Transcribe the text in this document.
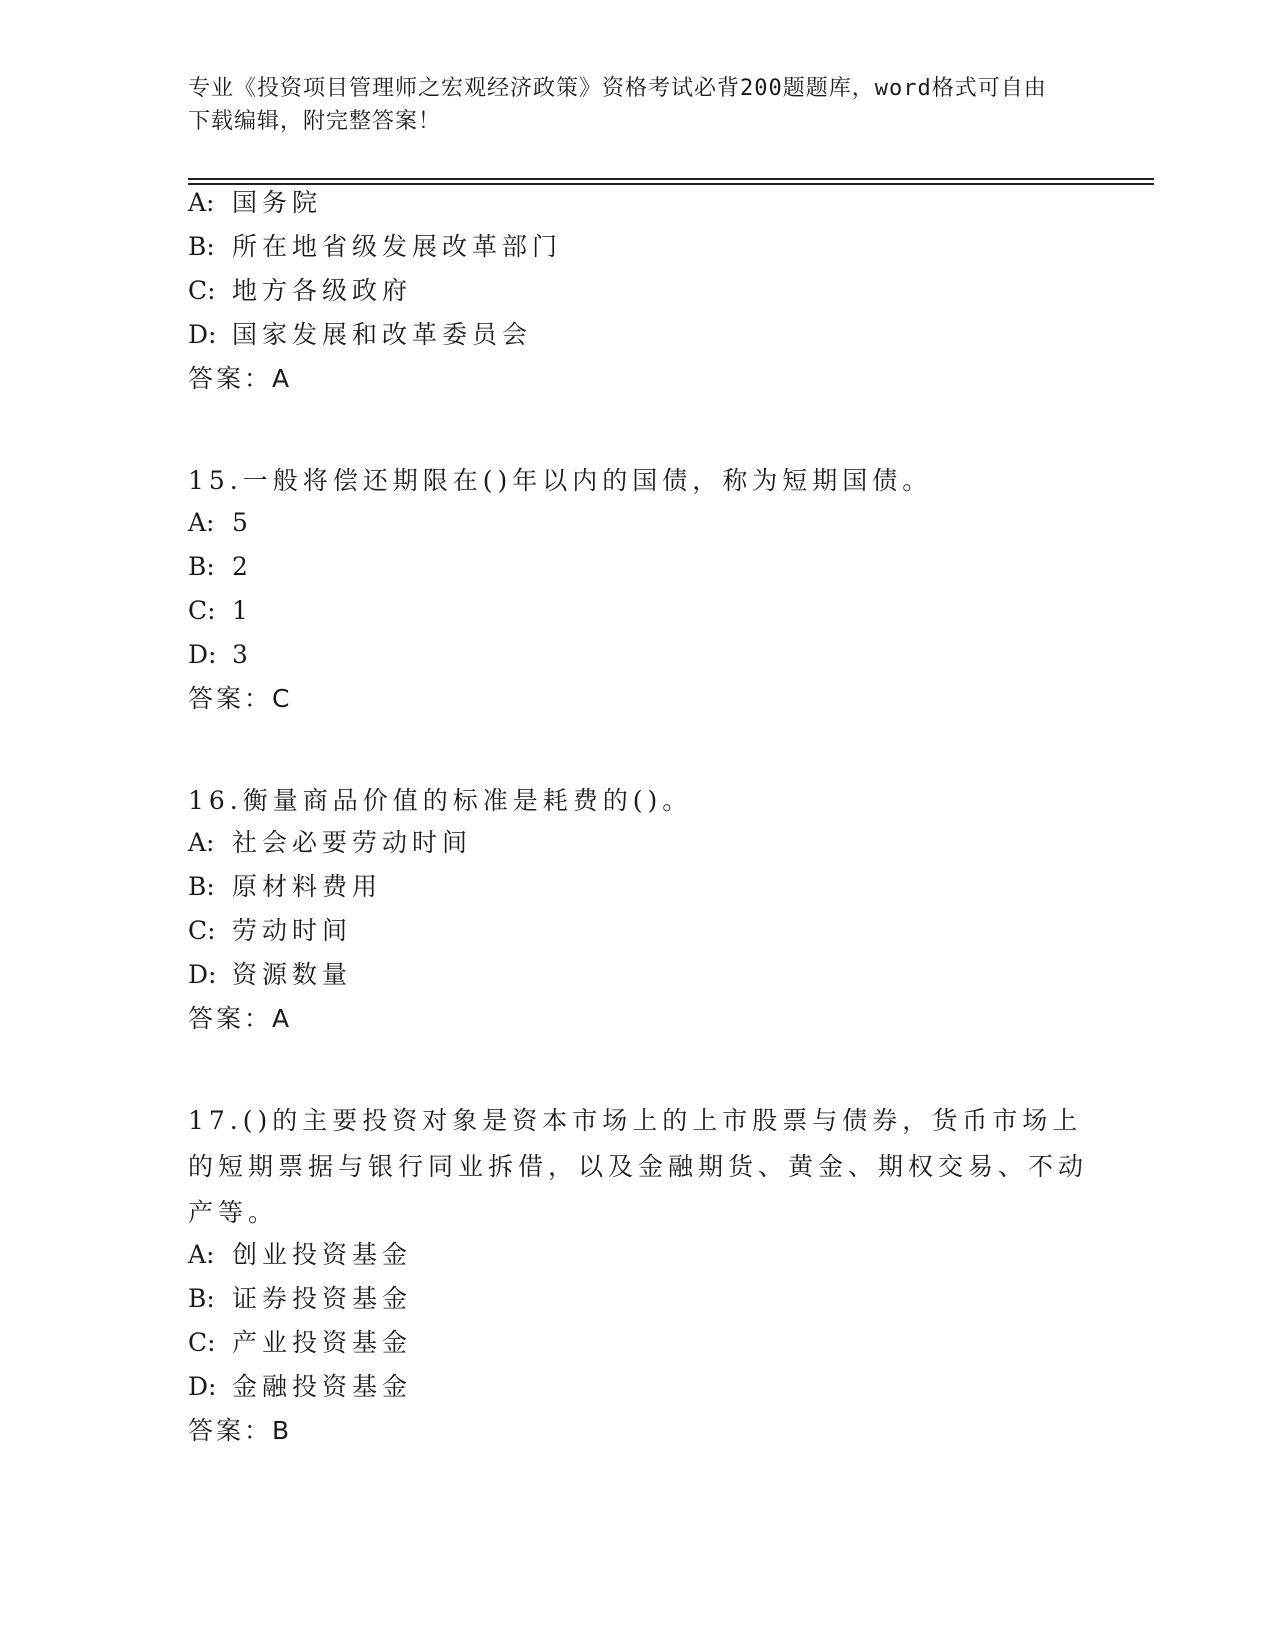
专业《投资项目管理师之宏观经济政策》资格考试必背200题题库，word格式可自由下载编辑，附完整答案！
A: 国务院
B: 所在地省级发展改革部门
C: 地方各级政府
D: 国家发展和改革委员会
答案：A
15.一般将偿还期限在()年以内的国债，称为短期国债。
A: 5
B: 2
C: 1
D: 3
答案：C
16.衡量商品价值的标准是耗费的()。
A: 社会必要劳动时间
B: 原材料费用
C: 劳动时间
D: 资源数量
答案：A
17.()的主要投资对象是资本市场上的上市股票与债券，货币市场上的短期票据与银行同业拆借，以及金融期货、黄金、期权交易、不动产等。
A: 创业投资基金
B: 证券投资基金
C: 产业投资基金
D: 金融投资基金
答案：B
